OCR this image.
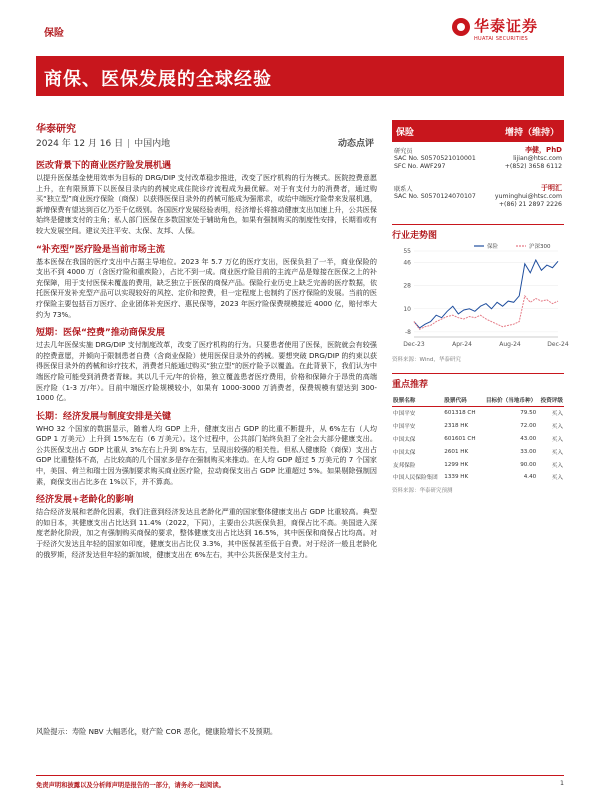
保险	华泰证券
HUATAI SECURITIES
商保、医保发展的全球经验
华泰研究
2024 年 12 月 16 日 | 中国内地	动态点评
医改背景下的商业医疗险发展机遇
以提升医保基金使用效率为目标的 DRG/DIP 支付改革稳步推进，改变了医疗机构的行为模式。医院控费意愿上升，在有限预算下以医保目录内的药械完成住院诊疗流程成为最优解。对于有支付力的消费者，通过购买“独立型”商业医疗保险（商保）以获得医保目录外的药械可能成为强需求，或给中端医疗险带来发展机遇，新增保费有望达到百亿乃至千亿级别。各国医疗发展经验表明，经济增长将推动健康支出加速上升，公共医保始终是健康支付的主角；私人部门医保在多数国家处于辅助角色，如果有强制购买的制度性安排，长期看或有较大发展空间。建议关注平安、太保、友邦、人保。
“补充型”医疗险是当前市场主流
基本医保在我国的医疗支出中占据主导地位。2023 年 5.7 万亿的医疗支出，医保负担了一半，商业保险的支出不到 4000 万（含医疗险和重疾险），占比不到一成。商业医疗险目前的主流产品是嫁接在医保之上的补充保障，用于支付医保未覆盖的费用，缺乏独立于医保的商保产品。保险行业历史上缺乏完善的医疗数据，依托医保开发补充型产品可以实现较好的风控、定价和控费，但一定程度上也制约了医疗保险的发展。当前的医疗保险主要包括百万医疗、企业团体补充医疗、惠民保等，2023 年医疗险保费规模接近 4000 亿，赔付率大约为 73%。
短期：医保“控费”推动商保发展
过去几年医保实施 DRG/DIP 支付制度改革，改变了医疗机构的行为。只要患者使用了医保，医院就会有较强的控费意愿，并倾向于限制患者自费（含商业保险）使用医保目录外的药械。要想突破 DRG/DIP 的约束以获得医保目录外的药械和诊疗技术，消费者只能通过购买“独立型”的医疗险予以覆盖。在此背景下，我们认为中端医疗险可能受到消费者青睐。其以几千元/年的价格，独立覆盖患者医疗费用，价格和保障介于昂贵的高端医疗险（1-3 万/年）。目前中端医疗险规模较小，如果有 1000-3000 万消费者，保费规模有望达到 300-1000 亿。
长期：经济发展与制度安排是关键
WHO 32 个国家的数据显示，随着人均 GDP 上升，健康支出占 GDP 的比重不断提升，从 6%左右（人均 GDP 1 万美元）上升到 15%左右（6 万美元）。这个过程中，公共部门始终负担了全社会大部分健康支出。公共医保支出占 GDP 比重从 3%左右上升到 8%左右，呈现出较强的相关性。但私人健康险（商保）支出占 GDP 比重整体不高，占比较高的几个国家多是存在强制购买来推动。在人均 GDP 超过 5 万美元的 7 个国家中，美国、荷兰和瑞士因为强制要求购买商业医疗险，拉动商保支出占 GDP 比重超过 5%。如果剔除强制因素，商保支出占比多在 1%以下，并不算高。
经济发展+老龄化的影响
结合经济发展和老龄化因素，我们注意到经济发达且老龄化严重的国家整体健康支出占 GDP 比重较高。典型的如日本，其健康支出占比达到 11.4%（2022，下同），主要由公共医保负担，商保占比不高。美国进入深度老龄化阶段，加之有强制购买商保的要求，整体健康支出占比达到 16.5%，其中医保和商保占比均高。对于经济欠发达且年轻的国家如印度，健康支出占比仅 3.3%，其中医保甚至低于自费。对于经济一般且老龄化的俄罗斯，经济发达但年轻的新加坡，健康支出在 6%左右，其中公共医保是支付主力。
保险	增持（维持）
研究员	李健，PhD
SAC No. S0570521010001	lijian@htsc.com
SFC No. AWF297	+(852) 3658 6112
联系人	于明汇
SAC No. S0570124070107	yuminghui@htsc.com
+(86) 21 2897 2226
行业走势图
55
46
28
10
-8
Dec-23	Apr-24	Aug-24	Dec-24
保险	沪深300
资料来源：Wind，华泰研究
重点推荐
股票名称	股票代码	目标价（当地币种）	投资评级
中国平安	601318 CH	79.50	买入
中国平安	2318 HK	72.00	买入
中国太保	601601 CH	43.00	买入
中国太保	2601 HK	33.00	买入
友邦保险	1299 HK	90.00	买入
中国人民保险集团	1339 HK	4.40	买入
资料来源：华泰研究预测
风险提示：寿险 NBV 大幅恶化，财产险 COR 恶化，健康险增长不及预期。
免责声明和披露以及分析师声明是报告的一部分，请务必一起阅读。	1
